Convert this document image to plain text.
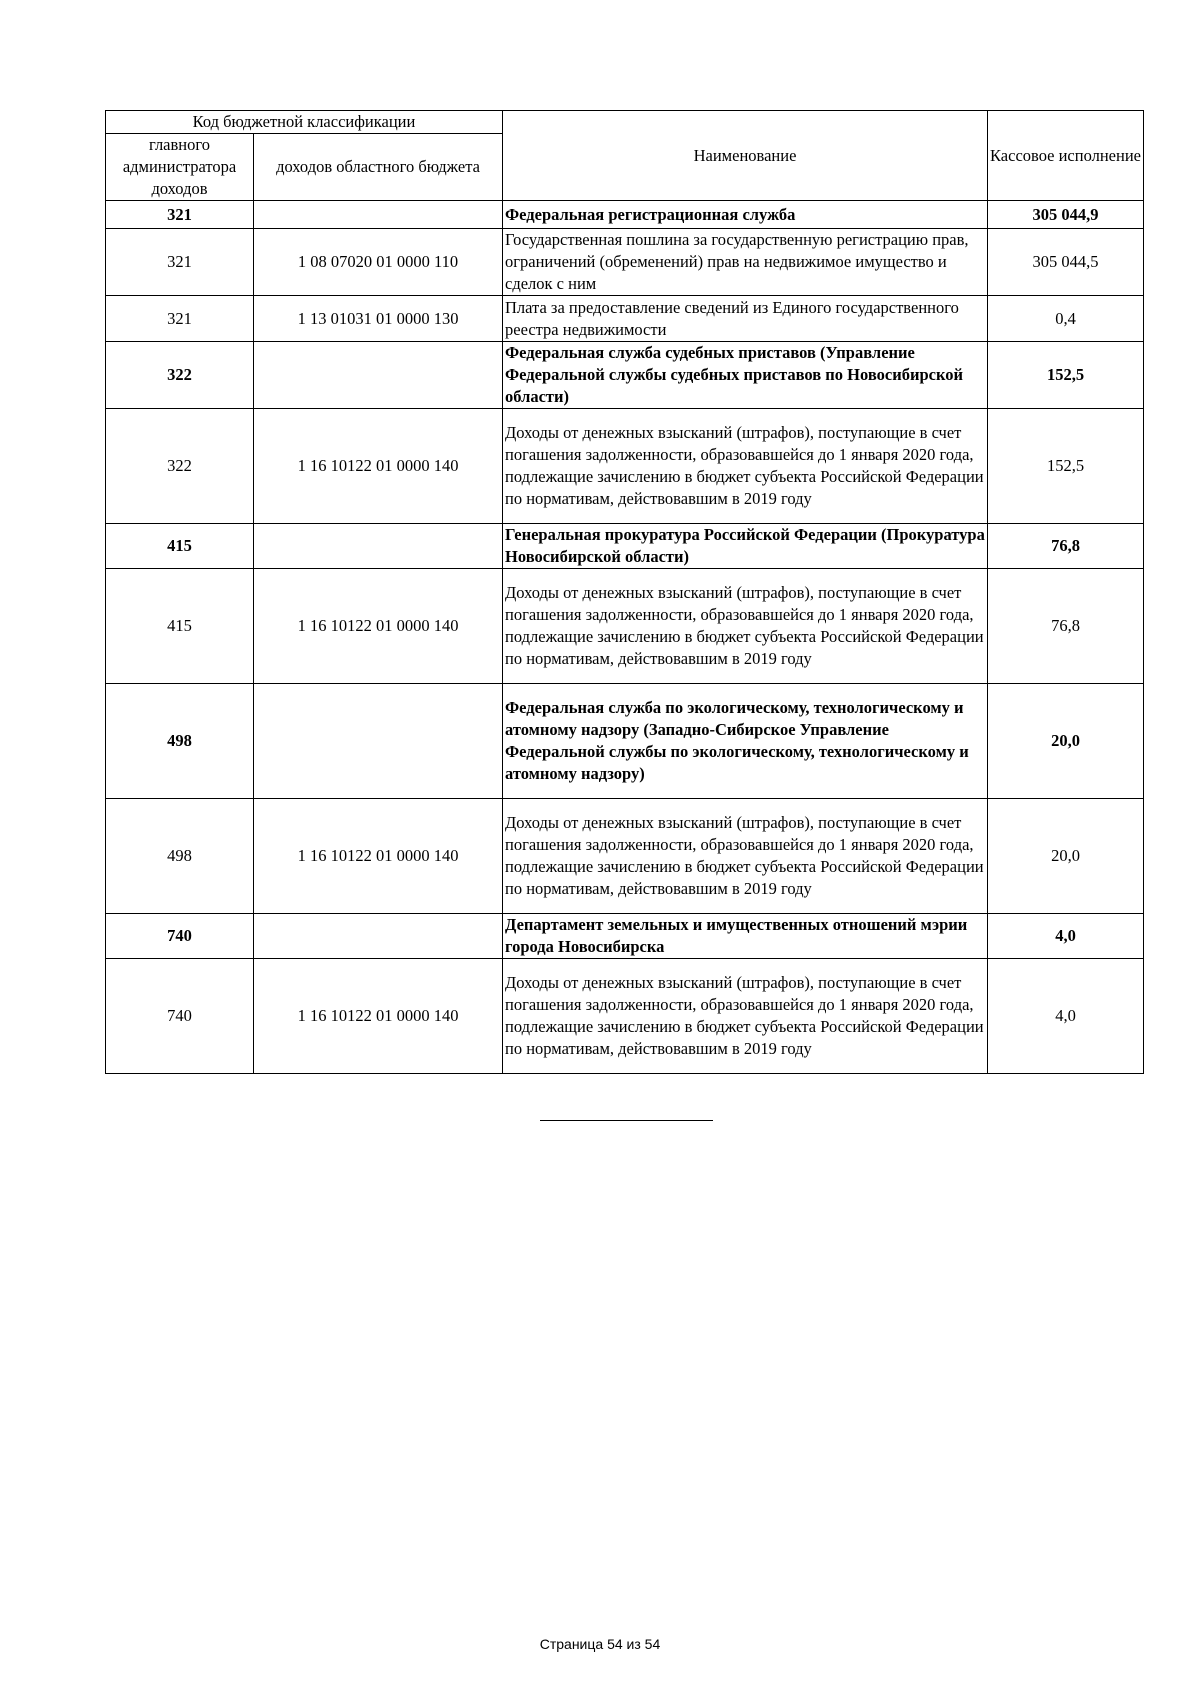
Код бюджетной классификации		Наименование	Кассовое исполнение
главного администратора доходов	доходов областного бюджета		
321		Федеральная регистрационная служба	305 044,9
321	1 08 07020 01 0000 110	Государственная пошлина за государственную регистрацию прав, ограничений (обременений) прав на недвижимое имущество и сделок с ним	305 044,5
321	1 13 01031 01 0000 130	Плата за предоставление сведений из Единого государственного реестра недвижимости	0,4
322		Федеральная служба судебных приставов (Управление Федеральной службы судебных приставов по Новосибирской области)	152,5
322	1 16 10122 01 0000 140	Доходы от денежных взысканий (штрафов), поступающие в счет погашения задолженности, образовавшейся до 1 января 2020 года, подлежащие зачислению в бюджет субъекта Российской Федерации по нормативам, действовавшим в 2019 году	152,5
415		Генеральная прокуратура Российской Федерации (Прокуратура Новосибирской области)	76,8
415	1 16 10122 01 0000 140	Доходы от денежных взысканий (штрафов), поступающие в счет погашения задолженности, образовавшейся до 1 января 2020 года, подлежащие зачислению в бюджет субъекта Российской Федерации по нормативам, действовавшим в 2019 году	76,8
498		Федеральная служба по экологическому, технологическому и атомному надзору (Западно-Сибирское Управление Федеральной службы по экологическому, технологическому и атомному надзору)	20,0
498	1 16 10122 01 0000 140	Доходы от денежных взысканий (штрафов), поступающие в счет погашения задолженности, образовавшейся до 1 января 2020 года, подлежащие зачислению в бюджет субъекта Российской Федерации по нормативам, действовавшим в 2019 году	20,0
740		Департамент земельных и имущественных отношений мэрии города Новосибирска	4,0
740	1 16 10122 01 0000 140	Доходы от денежных взысканий (штрафов), поступающие в счет погашения задолженности, образовавшейся до 1 января 2020 года, подлежащие зачислению в бюджет субъекта Российской Федерации по нормативам, действовавшим в 2019 году	4,0
Страница 54 из 54
